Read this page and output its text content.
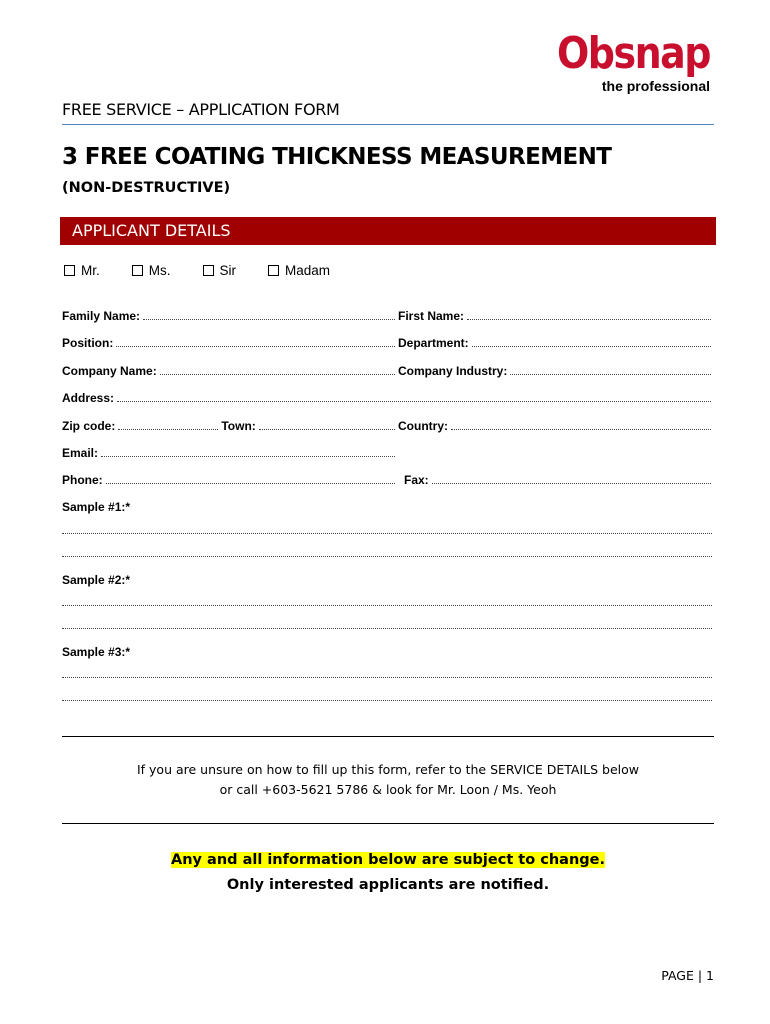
Obsnap
the professional
FREE SERVICE – APPLICATION FORM
3 FREE COATING THICKNESS MEASUREMENT
(NON-DESTRUCTIVE)
APPLICANT DETAILS
Mr.	Ms.	Sir	Madam
Family Name:	First Name:
Position:	Department:
Company Name:	Company Industry:
Address:
Zip code:	Town:	Country:
Email:
Phone:	Fax:
Sample #1:*
Sample #2:*
Sample #3:*
If you are unsure on how to fill up this form, refer to the SERVICE DETAILS below
or call +603-5621 5786 & look for Mr. Loon / Ms. Yeoh
Any and all information below are subject to change.
Only interested applicants are notified.
PAGE | 1
